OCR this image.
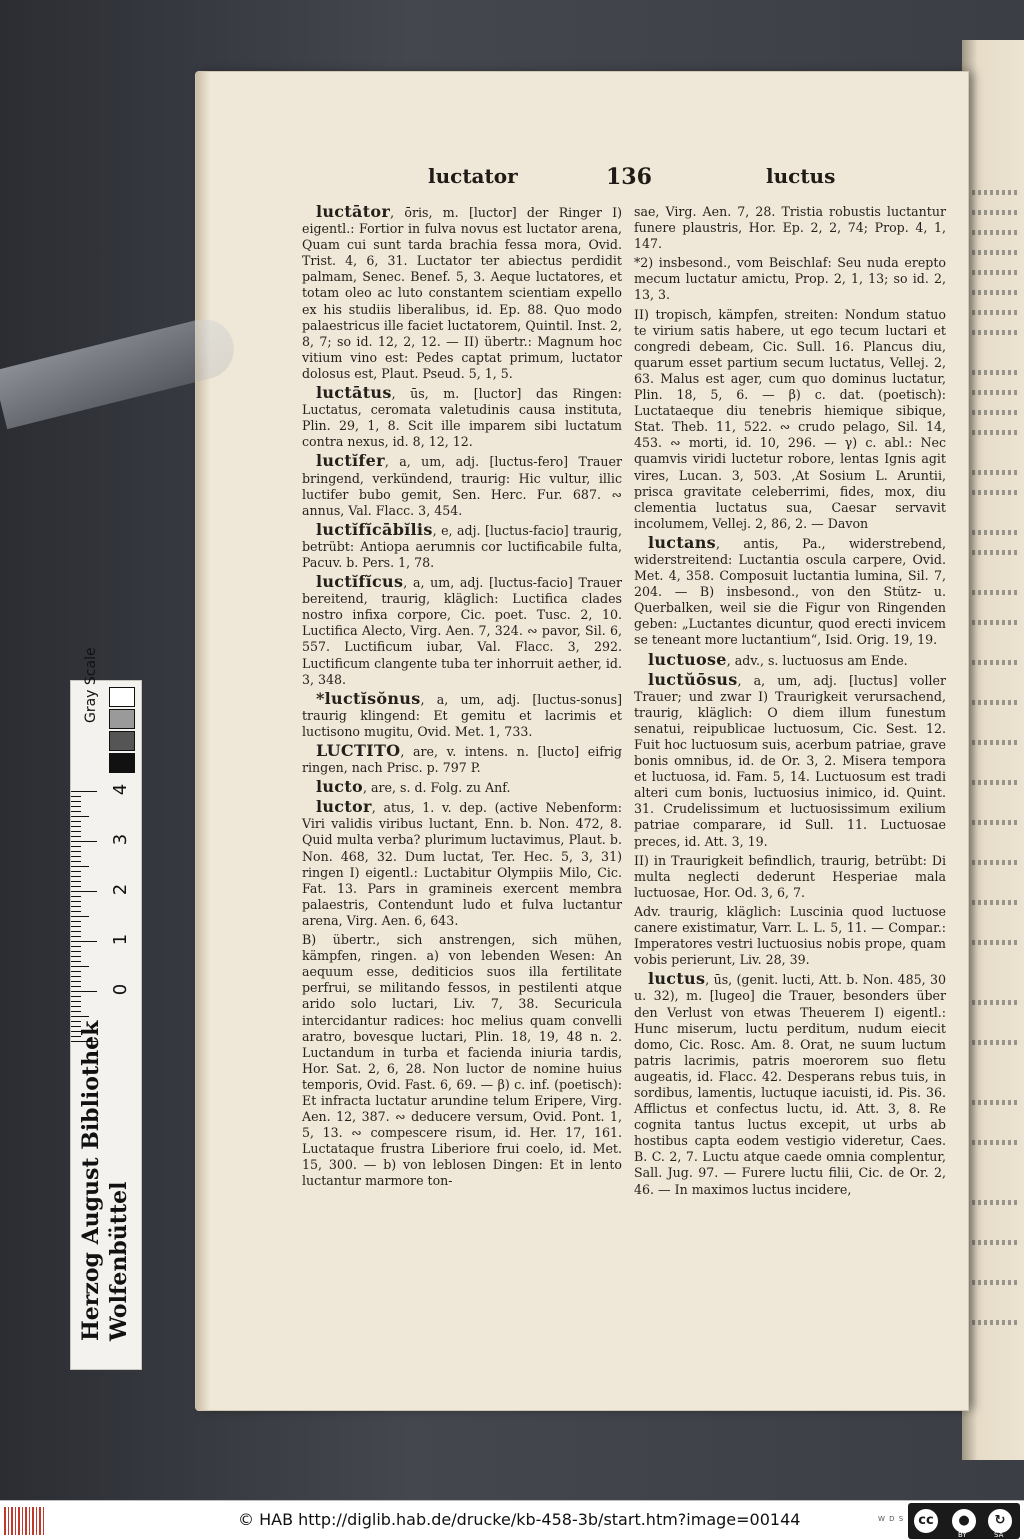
luctator	136	luctus

luctātor, ōris, m. [luctor] der Ringer I) eigentl.: Fortior in fulva novus est luctator arena, Quam cui sunt tarda brachia fessa mora, Ovid. Trist. 4, 6, 31. Luctator ter abiectus perdidit palmam, Senec. Benef. 5, 3. Aeque luctatores, et totam oleo ac luto constantem scientiam expello ex his studiis liberalibus, id. Ep. 88. Quo modo palaestricus ille faciet luctatorem, Quintil. Inst. 2, 8, 7; so id. 12, 2, 12. — II) übertr.: Magnum hoc vitium vino est: Pedes captat primum, luctator dolosus est, Plaut. Pseud. 5, 1, 5.

luctātus, ūs, m. [luctor] das Ringen: Luctatus, ceromata valetudinis causa instituta, Plin. 29, 1, 8. Scit ille imparem sibi luctatum contra nexus, id. 8, 12, 12.

luctĭfer, a, um, adj. [luctus-fero] Trauer bringend, verkündend, traurig: Hic vultur, illic luctifer bubo gemit, Sen. Herc. Fur. 687. ∾ annus, Val. Flacc. 3, 454.

luctĭfĭcābĭlis, e, adj. [luctus-facio] traurig, betrübt: Antiopa aerumnis cor luctificabile fulta, Pacuv. b. Pers. 1, 78.

luctĭfĭcus, a, um, adj. [luctus-facio] Trauer bereitend, traurig, kläglich: Luctifica clades nostro infixa corpore, Cic. poet. Tusc. 2, 10. Luctifica Alecto, Virg. Aen. 7, 324. ∾ pavor, Sil. 6, 557. Luctificum iubar, Val. Flacc. 3, 292. Luctificum clangente tuba ter inhorruit aether, id. 3, 348.

*luctĭsŏnus, a, um, adj. [luctus-sonus] traurig klingend: Et gemitu et lacrimis et luctisono mugitu, Ovid. Met. 1, 733.

LUCTITO, are, v. intens. n. [lucto] eifrig ringen, nach Prisc. p. 797 P.

lucto, are, s. d. Folg. zu Anf.

luctor, atus, 1. v. dep. (active Nebenform: Viri validis viribus luctant, Enn. b. Non. 472, 8. Quid multa verba? plurimum luctavimus, Plaut. b. Non. 468, 32. Dum luctat, Ter. Hec. 5, 3, 31) ringen I) eigentl.: Luctabitur Olympiis Milo, Cic. Fat. 13. Pars in gramineis exercent membra palaestris, Contendunt ludo et fulva luctantur arena, Virg. Aen. 6, 643.

B) übertr., sich anstrengen, sich mühen, kämpfen, ringen. a) von lebenden Wesen: An aequum esse, dediticios suos illa fertilitate perfrui, se militando fessos, in pestilenti atque arido solo luctari, Liv. 7, 38. Securicula intercidantur radices: hoc melius quam convelli aratro, bovesque luctari, Plin. 18, 19, 48 n. 2. Luctandum in turba et facienda iniuria tardis, Hor. Sat. 2, 6, 28. Non luctor de nomine huius temporis, Ovid. Fast. 6, 69. — β) c. inf. (poetisch): Et infracta luctatur arundine telum Eripere, Virg. Aen. 12, 387. ∾ deducere versum, Ovid. Pont. 1, 5, 13. ∾ compescere risum, id. Her. 17, 161. Luctataque frustra Liberiore frui coelo, id. Met. 15, 300. — b) von leblosen Dingen: Et in lento luctantur marmore ton-

sae, Virg. Aen. 7, 28. Tristia robustis luctantur funere plaustris, Hor. Ep. 2, 2, 74; Prop. 4, 1, 147.

*2) insbesond., vom Beischlaf: Seu nuda erepto mecum luctatur amictu, Prop. 2, 1, 13; so id. 2, 13, 3.

II) tropisch, kämpfen, streiten: Nondum statuo te virium satis habere, ut ego tecum luctari et congredi debeam, Cic. Sull. 16. Plancus diu, quarum esset partium secum luctatus, Vellej. 2, 63. Malus est ager, cum quo dominus luctatur, Plin. 18, 5, 6. — β) c. dat. (poetisch): Luctataeque diu tenebris hiemique sibique, Stat. Theb. 11, 522. ∾ crudo pelago, Sil. 14, 453. ∾ morti, id. 10, 296. — γ) c. abl.: Nec quamvis viridi luctetur robore, lentas Ignis agit vires, Lucan. 3, 503. ‚At Sosium L. Aruntii, prisca gravitate celeberrimi, fides, mox, diu clementia luctatus sua, Caesar servavit incolumem, Vellej. 2, 86, 2. — Davon

luctans, antis, Pa., widerstrebend, widerstreitend: Luctantia oscula carpere, Ovid. Met. 4, 358. Composuit luctantia lumina, Sil. 7, 204. — B) insbesond., von den Stütz- u. Querbalken, weil sie die Figur von Ringenden geben: „Luctantes dicuntur, quod erecti invicem se teneant more luctantium“, Isid. Orig. 19, 19.

luctuose, adv., s. luctuosus am Ende.

luctŭōsus, a, um, adj. [luctus] voller Trauer; und zwar I) Traurigkeit verursachend, traurig, kläglich: O diem illum funestum senatui, reipublicae luctuosum, Cic. Sest. 12. Fuit hoc luctuosum suis, acerbum patriae, grave bonis omnibus, id. de Or. 3, 2. Misera tempora et luctuosa, id. Fam. 5, 14. Luctuosum est tradi alteri cum bonis, luctuosius inimico, id. Quint. 31. Crudelissimum et luctuosissimum exilium patriae comparare, id Sull. 11. Luctuosae preces, id. Att. 3, 19.

II) in Traurigkeit befindlich, traurig, betrübt: Di multa neglecti dederunt Hesperiae mala luctuosae, Hor. Od. 3, 6, 7.

Adv. traurig, kläglich: Luscinia quod luctuose canere existimatur, Varr. L. L. 5, 11. — Compar.: Imperatores vestri luctuosius nobis prope, quam vobis perierunt, Liv. 28, 39.

luctus, ūs, (genit. lucti, Att. b. Non. 485, 30 u. 32), m. [lugeo] die Trauer, besonders über den Verlust von etwas Theuerem I) eigentl.: Hunc miserum, luctu perditum, nudum eiecit domo, Cic. Rosc. Am. 8. Orat, ne suum luctum patris lacrimis, patris moerorem suo fletu augeatis, id. Flacc. 42. Desperans rebus tuis, in sordibus, lamentis, luctuque iacuisti, id. Pis. 36. Afflictus et confectus luctu, id. Att. 3, 8. Re cognita tantus luctus excepit, ut urbs ab hostibus capta eodem vestigio videretur, Caes. B. C. 2, 7. Luctu atque caede omnia complentur, Sall. Jug. 97. — Furere luctu filii, Cic. de Or. 2, 46. — In maximos luctus incidere,

Gray Scale
4
3
2
1
0
Herzog August Bibliothek Wolfenbüttel
© HAB http://diglib.hab.de/drucke/kb-458-3b/start.htm?image=00144	W D S	cc	●	↻
BY	SA
